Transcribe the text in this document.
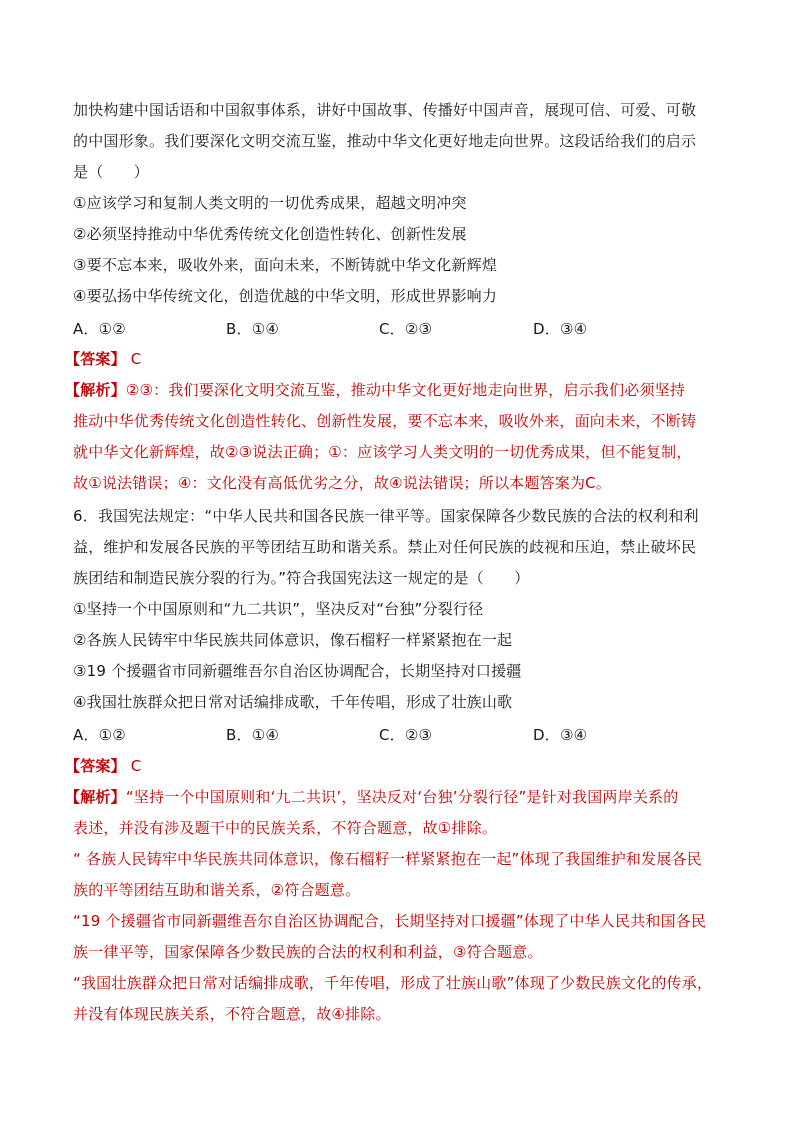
加快构建中国话语和中国叙事体系，讲好中国故事、传播好中国声音，展现可信、可爱、可敬
的中国形象。我们要深化文明交流互鉴，推动中华文化更好地走向世界。这段话给我们的启示
是（　　）
①应该学习和复制人类文明的一切优秀成果，超越文明冲突
②必须坚持推动中华优秀传统文化创造性转化、创新性发展
③要不忘本来，吸收外来，面向未来，不断铸就中华文化新辉煌
④要弘扬中华传统文化，创造优越的中华文明，形成世界影响力
A．①②	B．①④	C．②③	D．③④
【答案】 C
【解析】②③：我们要深化文明交流互鉴，推动中华文化更好地走向世界，启示我们必须坚持
推动中华优秀传统文化创造性转化、创新性发展，要不忘本来，吸收外来，面向未来，不断铸
就中华文化新辉煌，故②③说法正确；①：应该学习人类文明的一切优秀成果，但不能复制，
故①说法错误；④：文化没有高低优劣之分，故④说法错误；所以本题答案为C。
6．我国宪法规定：“中华人民共和国各民族一律平等。国家保障各少数民族的合法的权利和利
益，维护和发展各民族的平等团结互助和谐关系。禁止对任何民族的歧视和压迫，禁止破坏民
族团结和制造民族分裂的行为。”符合我国宪法这一规定的是（　　）
①坚持一个中国原则和“九二共识”，坚决反对“台独”分裂行径
②各族人民铸牢中华民族共同体意识，像石榴籽一样紧紧抱在一起
③19 个援疆省市同新疆维吾尔自治区协调配合，长期坚持对口援疆
④我国壮族群众把日常对话编排成歌，千年传唱，形成了壮族山歌
A．①②	B．①④	C．②③	D．③④
【答案】 C
【解析】“坚持一个中国原则和‘九二共识’，坚决反对‘台独’分裂行径”是针对我国两岸关系的
表述，并没有涉及题干中的民族关系，不符合题意，故①排除。
“ 各族人民铸牢中华民族共同体意识，像石榴籽一样紧紧抱在一起”体现了我国维护和发展各民
族的平等团结互助和谐关系，②符合题意。
“19 个援疆省市同新疆维吾尔自治区协调配合，长期坚持对口援疆”体现了中华人民共和国各民
族一律平等，国家保障各少数民族的合法的权利和利益，③符合题意。
“我国壮族群众把日常对话编排成歌，千年传唱，形成了壮族山歌”体现了少数民族文化的传承，
并没有体现民族关系，不符合题意，故④排除。
